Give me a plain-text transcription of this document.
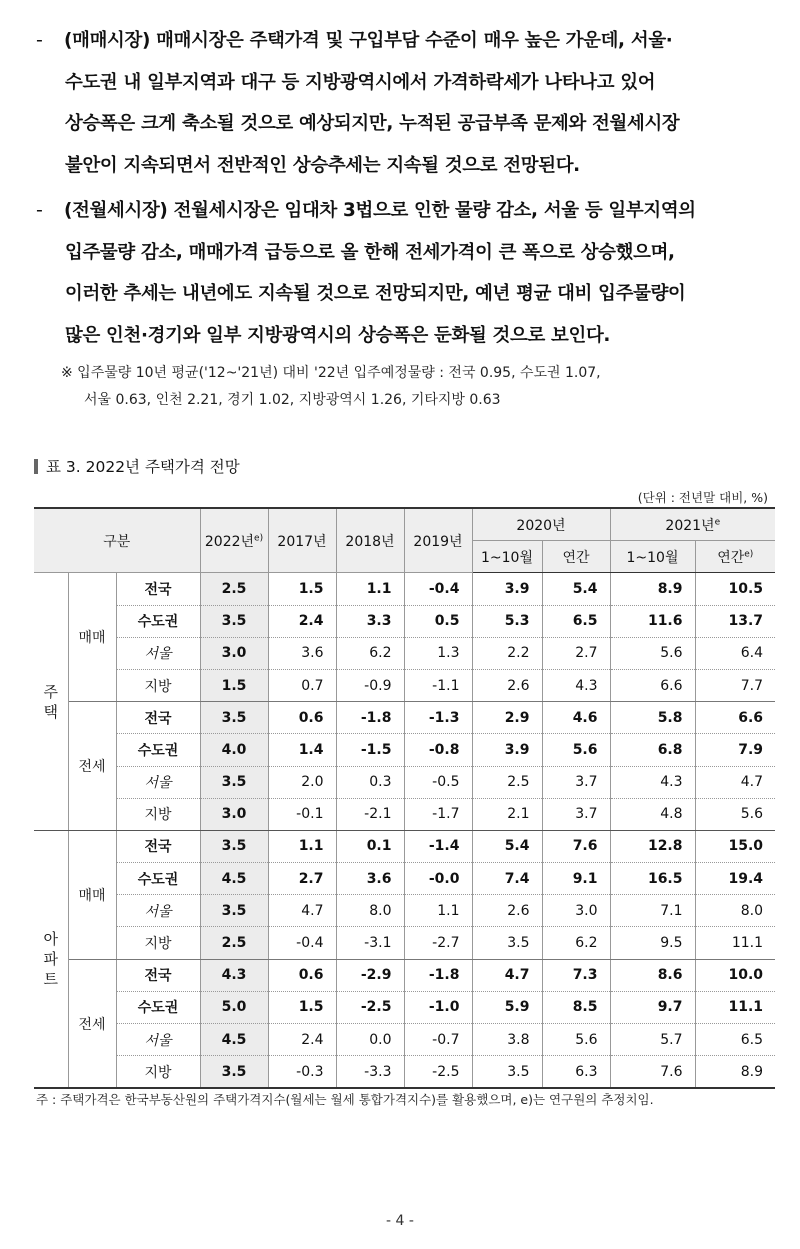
-	(매매시장) 매매시장은 주택가격 및 구입부담 수준이 매우 높은 가운데, 서울·
수도권 내 일부지역과 대구 등 지방광역시에서 가격하락세가 나타나고 있어
상승폭은 크게 축소될 것으로 예상되지만, 누적된 공급부족 문제와 전월세시장
불안이 지속되면서 전반적인 상승추세는 지속될 것으로 전망된다.
-	(전월세시장) 전월세시장은 임대차 3법으로 인한 물량 감소, 서울 등 일부지역의
입주물량 감소, 매매가격 급등으로 올 한해 전세가격이 큰 폭으로 상승했으며,
이러한 추세는 내년에도 지속될 것으로 전망되지만, 예년 평균 대비 입주물량이
많은 인천·경기와 일부 지방광역시의 상승폭은 둔화될 것으로 보인다.
※ 입주물량 10년 평균('12~'21년) 대비 '22년 입주예정물량 : 전국 0.95, 수도권 1.07,
서울 0.63, 인천 2.21, 경기 1.02, 지방광역시 1.26, 기타지방 0.63
표 3. 2022년 주택가격 전망
(단위 : 전년말 대비, %)
구분			2022년$^{e)}$	2017년	2018년	2019년	2020년		2021년$^e$
							1~10월	연간	1~10월	연간$^{e)}$
주
택	매매	전국	2.5	1.5	1.1	-0.4	3.9	5.4	8.9	10.5
		수도권	3.5	2.4	3.3	0.5	5.3	6.5	11.6	13.7
		서울	3.0	3.6	6.2	1.3	2.2	2.7	5.6	6.4
		지방	1.5	0.7	-0.9	-1.1	2.6	4.3	6.6	7.7
	전세	전국	3.5	0.6	-1.8	-1.3	2.9	4.6	5.8	6.6
		수도권	4.0	1.4	-1.5	-0.8	3.9	5.6	6.8	7.9
		서울	3.5	2.0	0.3	-0.5	2.5	3.7	4.3	4.7
		지방	3.0	-0.1	-2.1	-1.7	2.1	3.7	4.8	5.6
아
파
트	매매	전국	3.5	1.1	0.1	-1.4	5.4	7.6	12.8	15.0
		수도권	4.5	2.7	3.6	-0.0	7.4	9.1	16.5	19.4
		서울	3.5	4.7	8.0	1.1	2.6	3.0	7.1	8.0
		지방	2.5	-0.4	-3.1	-2.7	3.5	6.2	9.5	11.1
	전세	전국	4.3	0.6	-2.9	-1.8	4.7	7.3	8.6	10.0
		수도권	5.0	1.5	-2.5	-1.0	5.9	8.5	9.7	11.1
		서울	4.5	2.4	0.0	-0.7	3.8	5.6	5.7	6.5
		지방	3.5	-0.3	-3.3	-2.5	3.5	6.3	7.6	8.9
주 : 주택가격은 한국부동산원의 주택가격지수(월세는 월세 통합가격지수)를 활용했으며, e)는 연구원의 추정치임.
- 4 -
